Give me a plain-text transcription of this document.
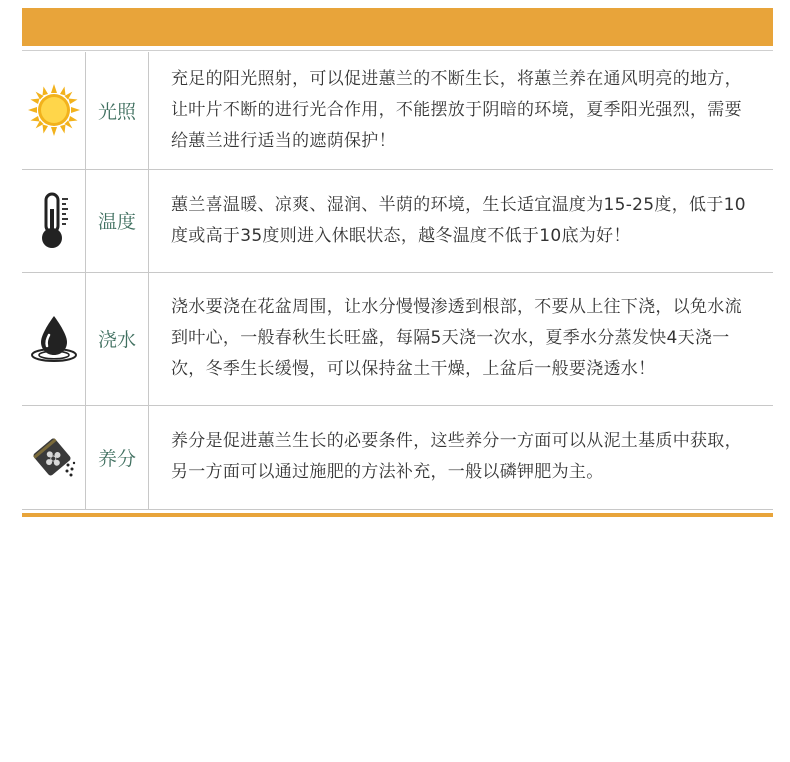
	光照	充足的阳光照射，可以促进蕙兰的不断生长，将蕙兰养在通风明亮的地方，让叶片不断的进行光合作用，不能摆放于阴暗的环境，夏季阳光强烈，需要给蕙兰进行适当的遮荫保护！

	温度	蕙兰喜温暖、凉爽、湿润、半荫的环境，生长适宜温度为15-25度，低于10度或高于35度则进入休眠状态，越冬温度不低于10底为好！

	浇水	浇水要浇在花盆周围，让水分慢慢渗透到根部，不要从上往下浇，以免水流到叶心，一般春秋生长旺盛，每隔5天浇一次水，夏季水分蒸发快4天浇一次，冬季生长缓慢，可以保持盆土干燥，上盆后一般要浇透水！

	养分	养分是促进蕙兰生长的必要条件，这些养分一方面可以从泥土基质中获取，另一方面可以通过施肥的方法补充，一般以磷钾肥为主。
